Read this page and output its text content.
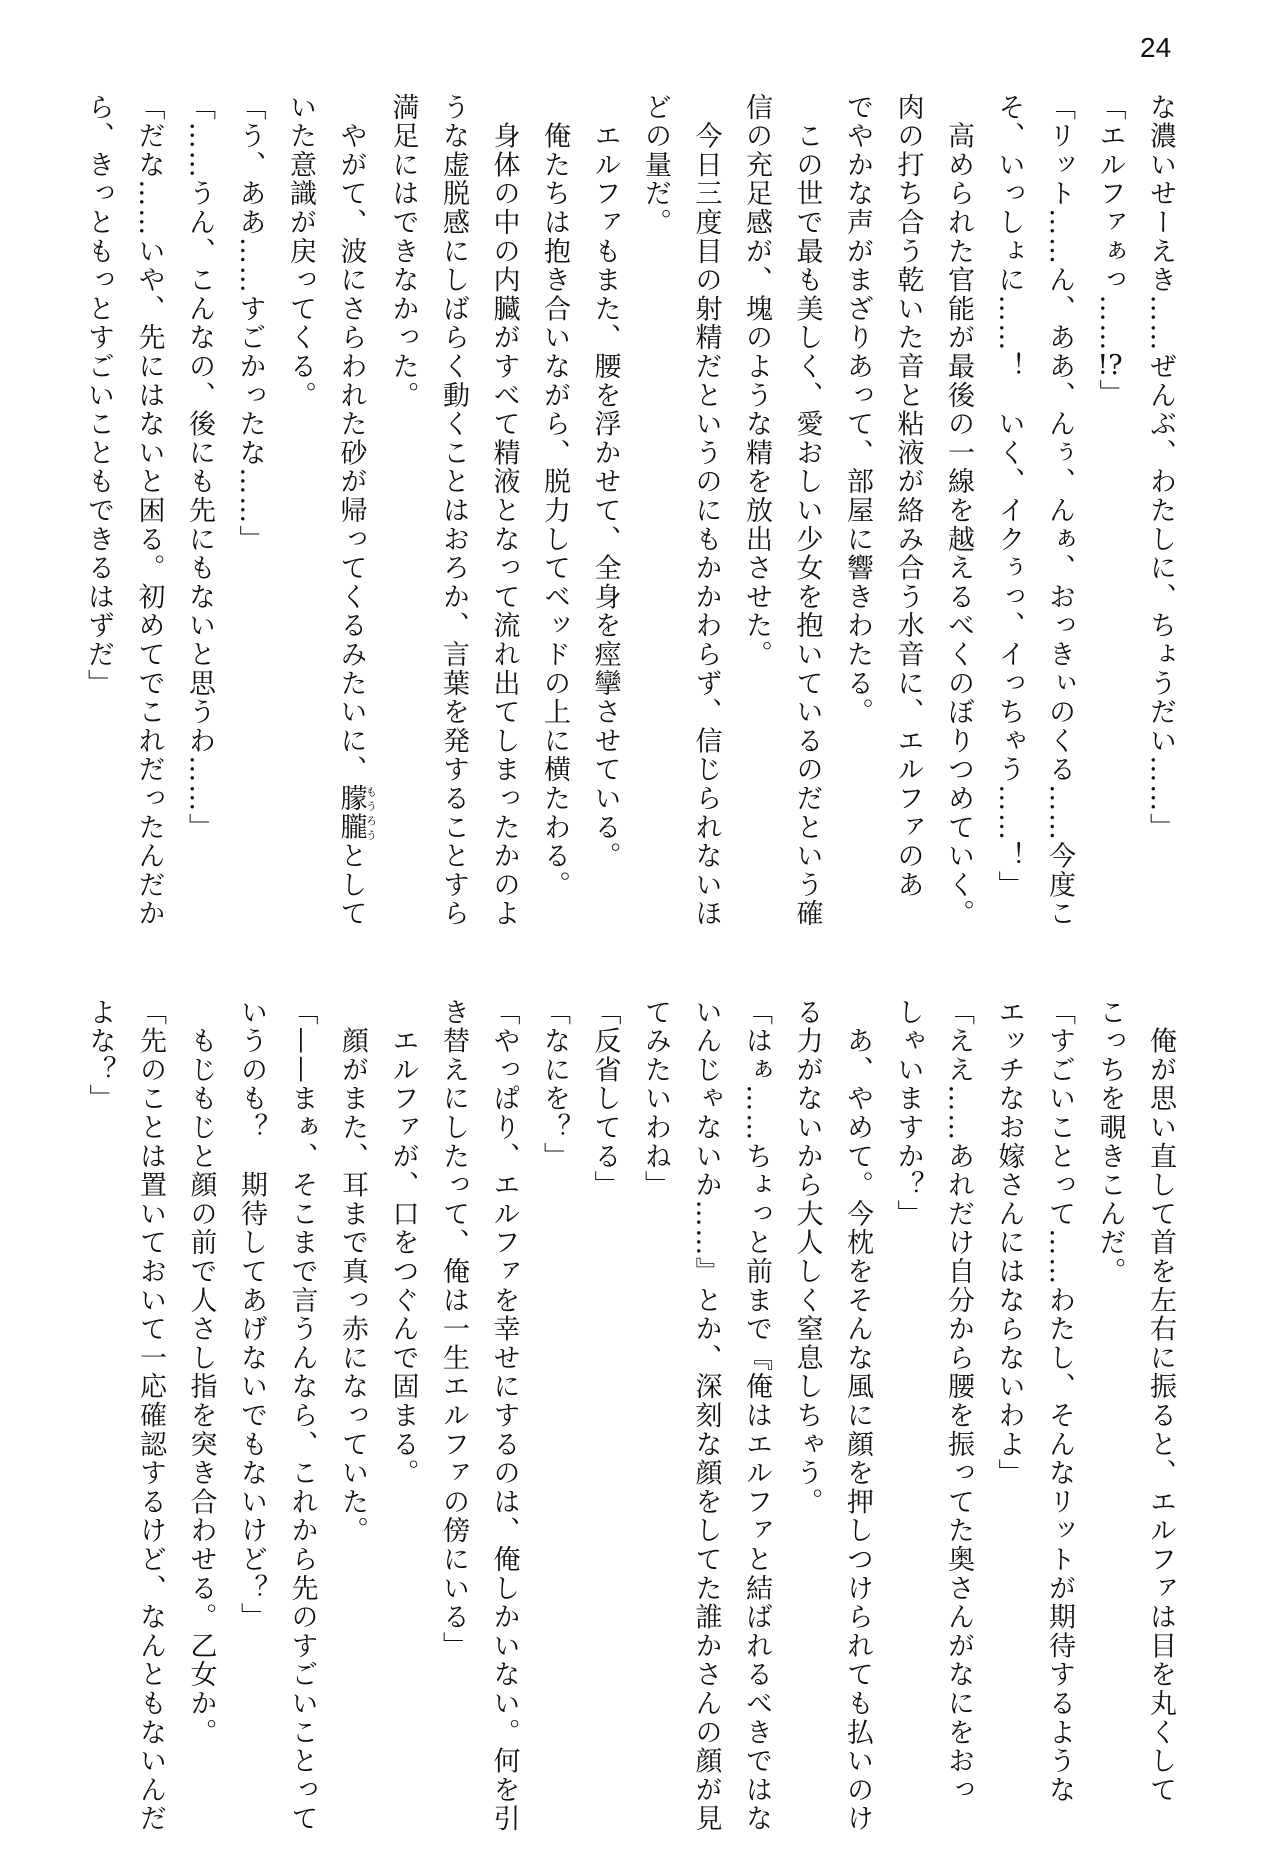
24
な濃いせーえき……ぜんぶ、わたしに、ちょうだい……」
「エルファぁっ……!?」
「リット……ん、ああ、んぅ、んぁ、おっきぃのくる……今度こ
そ、いっしょに……！　いく、イクぅっ、イっちゃう……！」
　高められた官能が最後の一線を越えるべくのぼりつめていく。
肉の打ち合う乾いた音と粘液が絡み合う水音に、エルファのあ
でやかな声がまざりあって、部屋に響きわたる。
　この世で最も美しく、愛おしい少女を抱いているのだという確
信の充足感が、塊のような精を放出させた。
　今日三度目の射精だというのにもかかわらず、信じられないほ
どの量だ。
　エルファもまた、腰を浮かせて、全身を痙攣させている。
　俺たちは抱き合いながら、脱力してベッドの上に横たわる。
　身体の中の内臓がすべて精液となって流れ出てしまったかのよ
うな虚脱感にしばらく動くことはおろか、言葉を発することすら
満足にはできなかった。
　やがて、波にさらわれた砂が帰ってくるみたいに、朦朧もうろうとして
いた意識が戻ってくる。
「う、ああ……すごかったな……」
「……うん、こんなの、後にも先にもないと思うわ……」
「だな……いや、先にはないと困る。初めてでこれだったんだか
ら、きっともっとすごいこともできるはずだ」
　俺が思い直して首を左右に振ると、エルファは目を丸くして
こっちを覗きこんだ。
「すごいことって……わたし、そんなリットが期待するような
エッチなお嫁さんにはならないわよ」
「ええ……あれだけ自分から腰を振ってた奥さんがなにをおっ
しゃいますか？」
　あ、やめて。今枕をそんな風に顔を押しつけられても払いのけ
る力がないから大人しく窒息しちゃう。
「はぁ……ちょっと前まで『俺はエルファと結ばれるべきではな
いんじゃないか……』とか、深刻な顔をしてた誰かさんの顔が見
てみたいわね」
「反省してる」
「なにを？」
「やっぱり、エルファを幸せにするのは、俺しかいない。何を引
き替えにしたって、俺は一生エルファの傍にいる」
　エルファが、口をつぐんで固まる。
　顔がまた、耳まで真っ赤になっていた。
「——まぁ、そこまで言うんなら、これから先のすごいことって
いうのも？　期待してあげないでもないけど？」
　もじもじと顔の前で人さし指を突き合わせる。乙女か。
「先のことは置いておいて一応確認するけど、なんともないんだ
よな？」
